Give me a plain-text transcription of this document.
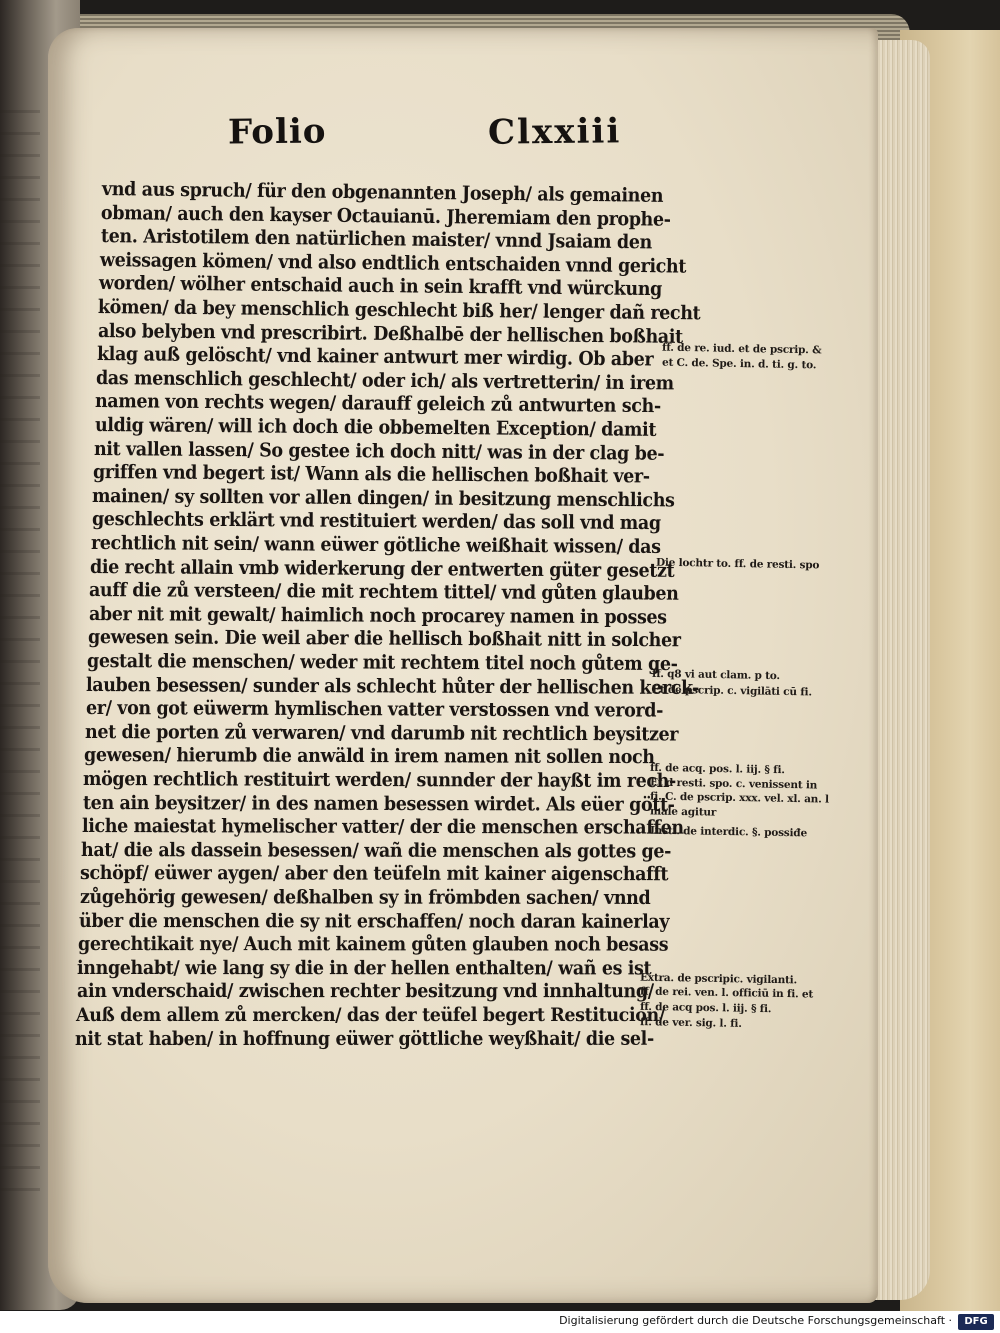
Folio	Clxxiii
vnd aus spruch/ für den obgenannten Joseph/ als gemainen
obman/ auch den kayser Octauianū. Jheremiam den prophe-
ten. Aristotilem den natürlichen maister/ vnnd Jsaiam den
weissagen kömen/ vnd also endtlich entschaiden vnnd gericht
worden/ wölher entschaid auch in sein krafft vnd würckung
kömen/ da bey menschlich geschlecht biß her/ lenger dañ recht
also belyben vnd prescribirt. Deßhalbē der hellischen boßhait
klag auß gelöscht/ vnd kainer antwurt mer wirdig. Ob aber
das menschlich geschlecht/ oder ich/ als vertretterin/ in irem
namen von rechts wegen/ darauff geleich zů antwurten sch-
uldig wären/ will ich doch die obbemelten Exception/ damit
nit vallen lassen/ So gestee ich doch nitt/ was in der clag be-
griffen vnd begert ist/ Wann als die hellischen boßhait ver-
mainen/ sy sollten vor allen dingen/ in besitzung menschlichs
geschlechts erklärt vnd restituiert werden/ das soll vnd mag
rechtlich nit sein/ wann eüwer götliche weißhait wissen/ das
die recht allain vmb widerkerung der entwerten güter gesetzt
auff die zů versteen/ die mit rechtem tittel/ vnd gůten glauben
aber nit mit gewalt/ haimlich noch procarey namen in posses
gewesen sein. Die weil aber die hellisch boßhait nitt in solcher
gestalt die menschen/ weder mit rechtem titel noch gůtem ge-
lauben besessen/ sunder als schlecht hůter der hellischen kerck-
er/ von got eüwerm hymlischen vatter verstossen vnd verord-
net die porten zů verwaren/ vnd darumb nit rechtlich beysitzer
gewesen/ hierumb die anwäld in irem namen nit sollen noch
mögen rechtlich restituirt werden/ sunnder der hayßt im rech-
ten ain beysitzer/ in des namen besessen wirdet. Als eüer gött-
liche maiestat hymelischer vatter/ der die menschen erschaffen
hat/ die als dassein besessen/ wañ die menschen als gottes ge-
schöpf/ eüwer aygen/ aber den teüfeln mit kainer aigenschafft
zůgehörig gewesen/ deßhalben sy in frömbden sachen/ vnnd
über die menschen die sy nit erschaffen/ noch daran kainerlay
gerechtikait nye/ Auch mit kainem gůten glauben noch besass
inngehabt/ wie lang sy die in der hellen enthalten/ wañ es ist
ain vnderschaid/ zwischen rechter besitzung vnd innhaltung/
Auß dem allem zů mercken/ das der teüfel begert Restitucion/
nit stat haben/ in hoffnung eüwer göttliche weyßhait/ die sel-
ff. de re. iud. et de pscrip. &
et C. de. Spe. in. d. ti. g. to.
Die lochtr to. ff. de resti. spo
ff. q8 vi aut clam. p to.
Et de pscrip. c. vigilāti cū fi.
ff. de acq. pos. l. iij. § fi.
Et d resti. spo. c. venissent in
fi. C. de pscrip. xxx. vel. xl. an. l
male agitur
Insti. de interdic. §. possiđe
Extra. de pscripic. vigilanti.
ff. de rei. ven. l. officiū in fi. et
ff. de acq pos. l. iij. § fi.
ff. de ver. sig. l. fi.
Digitalisierung gefördert durch die Deutsche Forschungsgemeinschaft ·	DFG
